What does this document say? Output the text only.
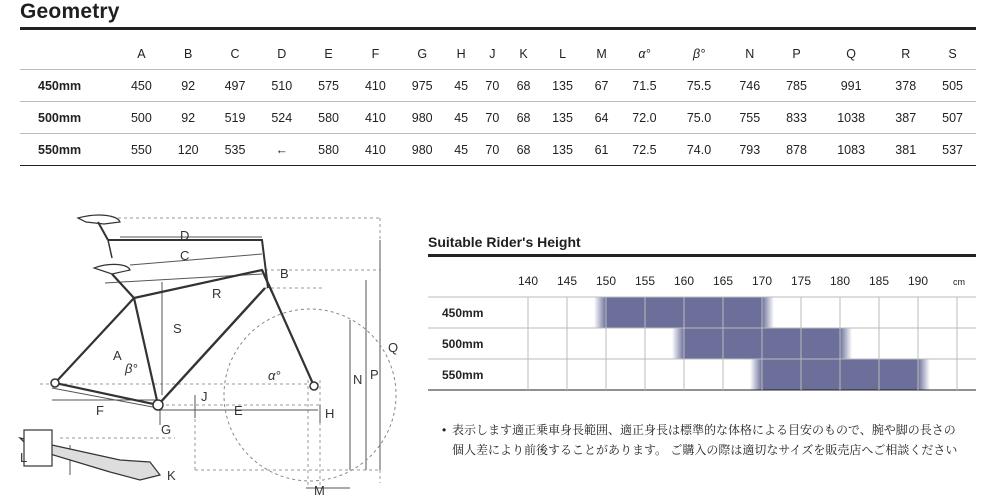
Geometry
	A	B	C	D	E	F	G	H	J	K	L	M	α°	β°	N	P	Q	R	S
450mm	450	92	497	510	575	410	975	45	70	68	135	67	71.5	75.5	746	785	991	378	505
500mm	500	92	519	524	580	410	980	45	70	68	135	64	72.0	75.0	755	833	1038	387	507
550mm	550	120	535	←	580	410	980	45	70	68	135	61	72.5	74.0	793	878	1083	381	537
D
C
B
R
S
A
β°	α°
Q
P
N
J
F	E	H
G
L
K
M
Suitable Rider's Height
140 145 150 155 160 165 170 175 180 185 190	cm
450mm
500mm
550mm
• 表示します適正乗車身長範囲、適正身長は標準的な体格による目安のもので、腕や脚の長さの
個人差により前後することがあります。 ご購入の際は適切なサイズを販売店へご相談ください
